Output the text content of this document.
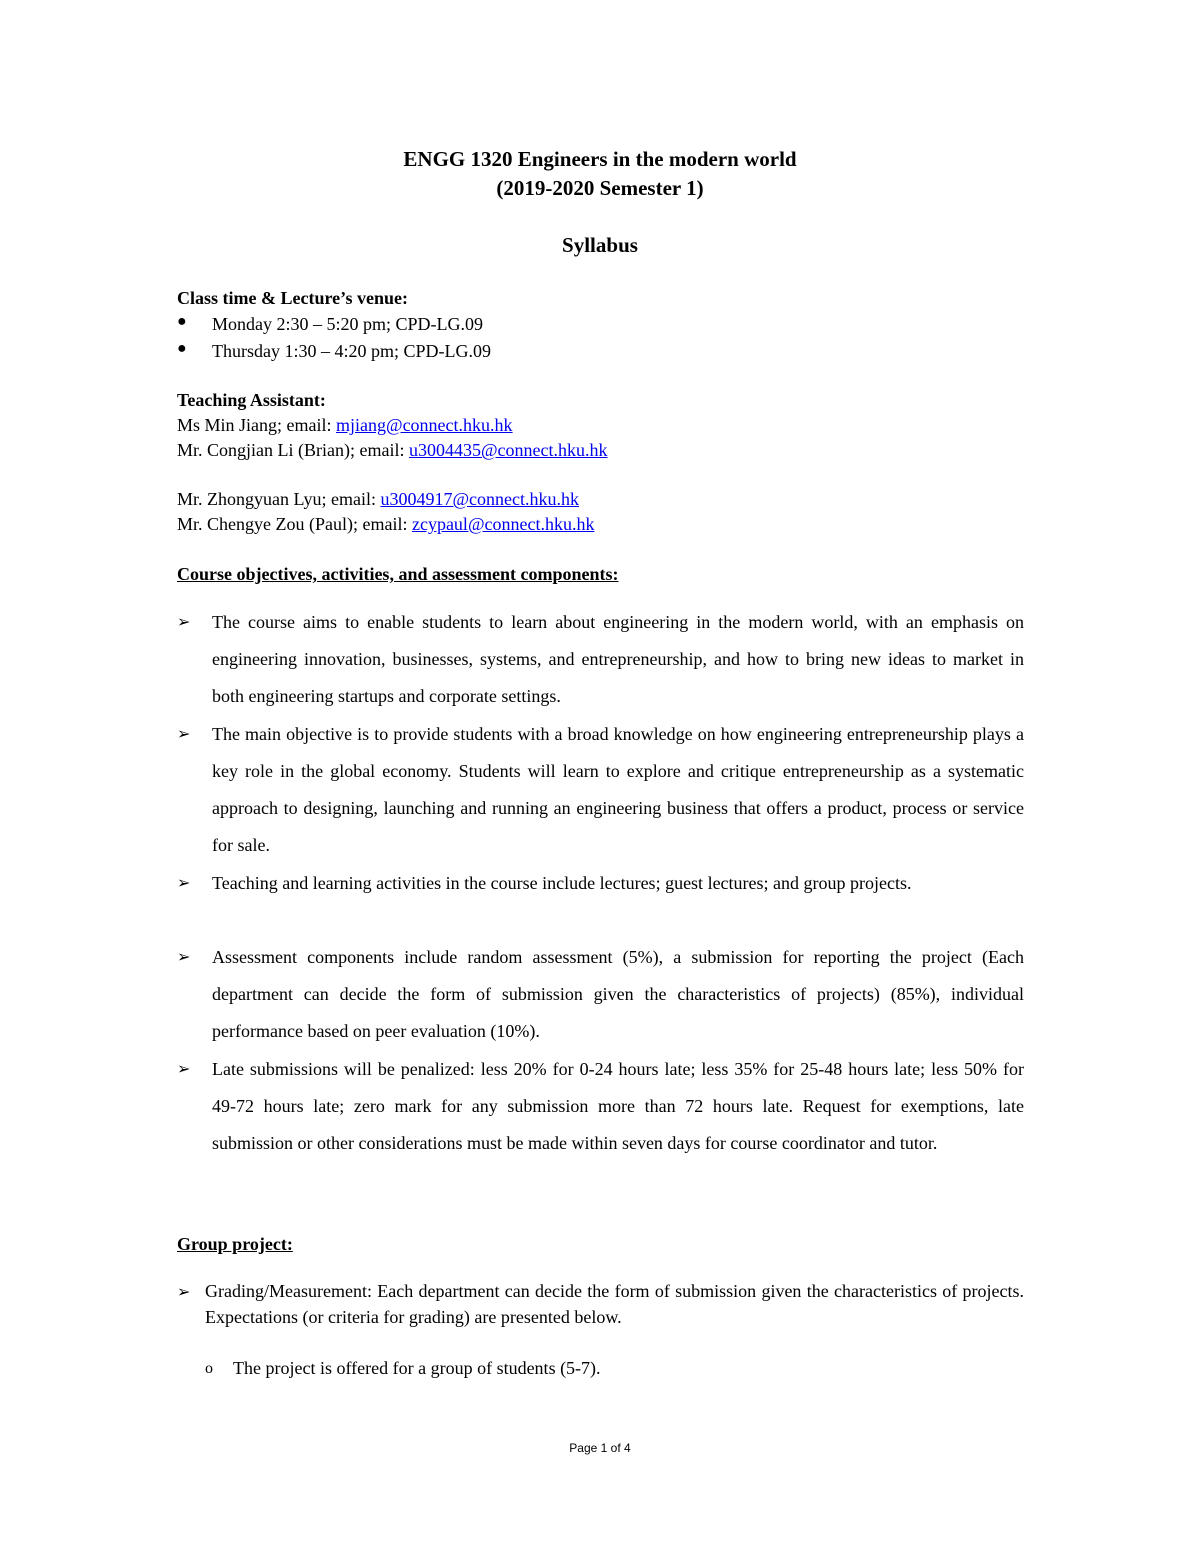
ENGG 1320 Engineers in the modern world
(2019-2020 Semester 1)
Syllabus
Class time & Lecture’s venue:
● Monday 2:30 – 5:20 pm; CPD-LG.09
● Thursday 1:30 – 4:20 pm; CPD-LG.09
Teaching Assistant:
Ms Min Jiang; email: mjiang@connect.hku.hk
Mr. Congjian Li (Brian); email: u3004435@connect.hku.hk
Mr. Zhongyuan Lyu; email: u3004917@connect.hku.hk
Mr. Chengye Zou (Paul); email: zcypaul@connect.hku.hk
Course objectives, activities, and assessment components:
➢ The course aims to enable students to learn about engineering in the modern world, with an emphasis on engineering innovation, businesses, systems, and entrepreneurship, and how to bring new ideas to market in both engineering startups and corporate settings.
➢ The main objective is to provide students with a broad knowledge on how engineering entrepreneurship plays a key role in the global economy. Students will learn to explore and critique entrepreneurship as a systematic approach to designing, launching and running an engineering business that offers a product, process or service for sale.
➢ Teaching and learning activities in the course include lectures; guest lectures; and group projects.
➢ Assessment components include random assessment (5%), a submission for reporting the project (Each department can decide the form of submission given the characteristics of projects) (85%), individual performance based on peer evaluation (10%).
➢ Late submissions will be penalized: less 20% for 0-24 hours late; less 35% for 25-48 hours late; less 50% for 49-72 hours late; zero mark for any submission more than 72 hours late. Request for exemptions, late submission or other considerations must be made within seven days for course coordinator and tutor.
Group project:
➢ Grading/Measurement: Each department can decide the form of submission given the characteristics of projects. Expectations (or criteria for grading) are presented below.
o The project is offered for a group of students (5-7).
Page 1 of 4
